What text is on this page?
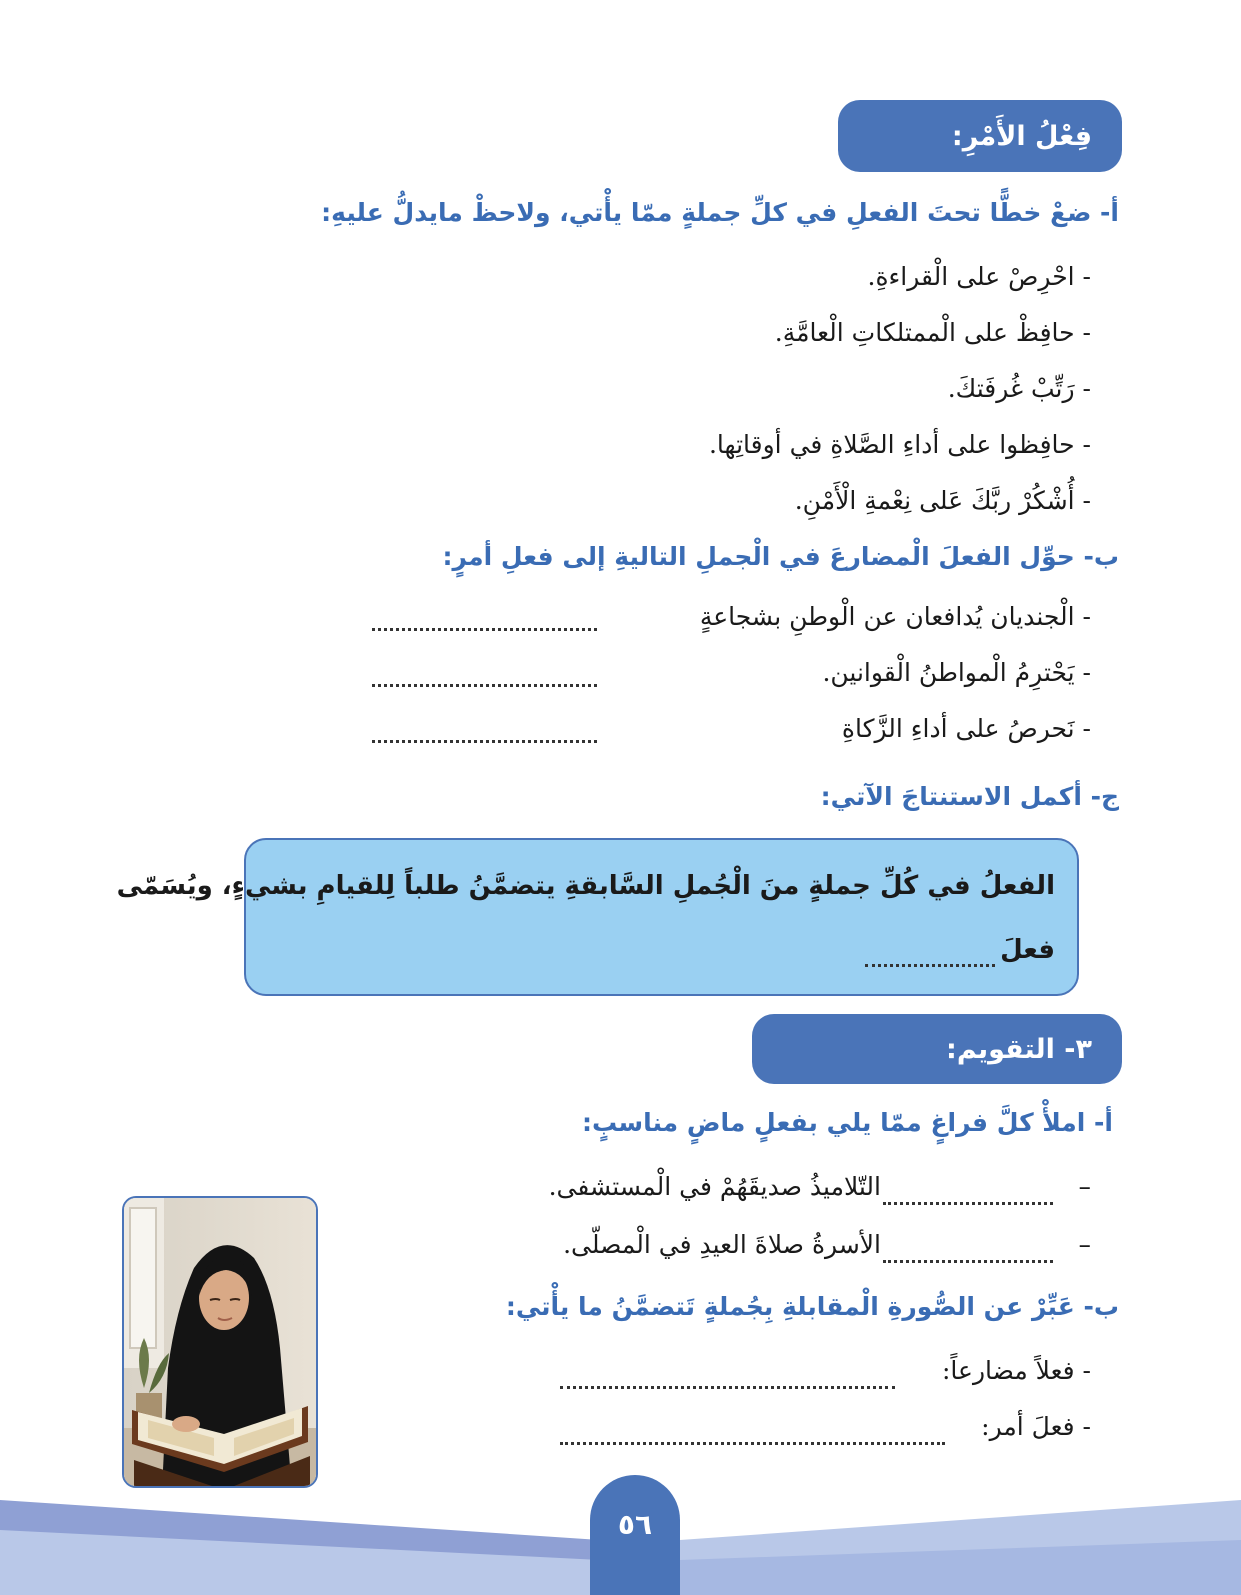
فِعْلُ الأَمْرِ:
أ- ضعْ خطًّا تحتَ الفعلِ في كلِّ جملةٍ ممّا يأْتي، ولاحظْ مايدلُّ عليهِ:
- احْرِصْ على الْقراءةِ.
- حافِظْ على الْممتلكاتِ الْعامَّةِ.
- رَتِّبْ غُرفَتكَ.
- حافِظوا على أداءِ الصَّلاةِ في أوقاتِها.
- أُشْكُرْ ربَّكَ عَلى نِعْمةِ الْأَمْنِ.
ب- حوِّل الفعلَ الْمضارعَ في الْجملِ التاليةِ إلى فعلِ أمرٍ:
- الْجنديان يُدافعان عن الْوطنِ بشجاعةٍ
- يَحْترِمُ الْمواطنُ الْقوانين.
- نَحرصُ على أداءِ الزَّكاةِ
ج- أكمل الاستنتاجَ الآتي:
الفعلُ في كُلِّ جملةٍ منَ الْجُملِ السَّابقةِ يتضمَّنُ طلباً لِلقيامِ بشيءٍ، ويُسَمّى
فعلَ
٣- التقويم:
أ- املأْ كلَّ فراغٍ ممّا يلي بفعلٍ ماضٍ مناسبٍ:
–
التّلاميذُ صديقَهُمْ في الْمستشفى.
–
الأسرةُ صلاةَ العيدِ في الْمصلّى.
ب- عَبِّرْ عن الصُّورةِ الْمقابلةِ بِجُملةٍ تَتضمَّنُ ما يأْتي:
- فعلاً مضارعاً:
- فعلَ أمر:
٥٦
